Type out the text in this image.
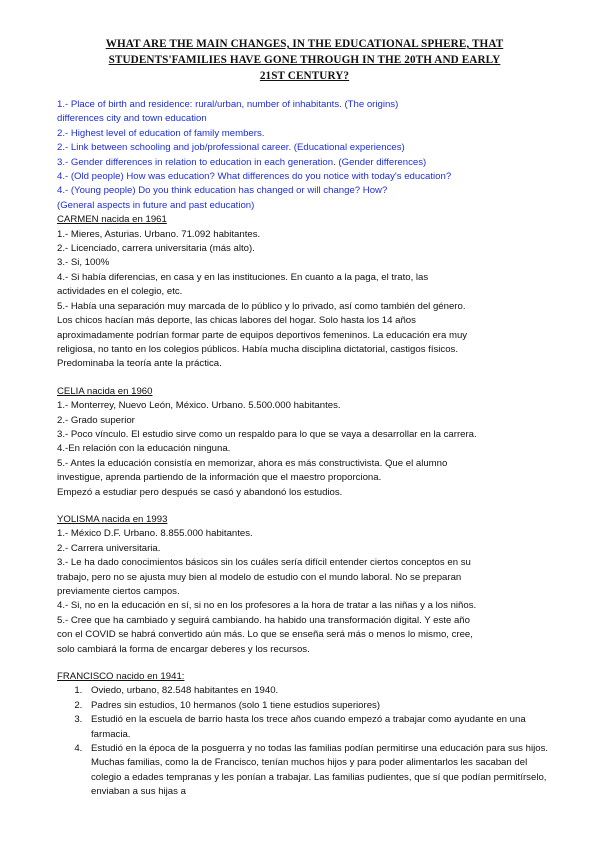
WHAT ARE THE MAIN CHANGES, IN THE EDUCATIONAL SPHERE, THAT
STUDENTS'FAMILIES HAVE GONE THROUGH IN THE 20TH AND EARLY
21ST CENTURY?

1.- Place of birth and residence: rural/urban, number of inhabitants. (The origins)

differences city and town education

2.- Highest level of education of family members.

2.- Link between schooling and job/professional career. (Educational experiences)

3.- Gender differences in relation to education in each generation. (Gender differences)

4.- (Old people) How was education? What differences do you notice with today's education?

4.- (Young people) Do you think education has changed or will change? How?

(General aspects in future and past education)

CARMEN nacida en 1961

1.- Mieres, Asturias. Urbano. 71.092 habitantes.

2.- Licenciado, carrera universitaria (más alto).

3.- Si, 100%

4.- Si había diferencias, en casa y en las instituciones. En cuanto a la paga, el trato, las

actividades en el colegio, etc.

5.- Había una separación muy marcada de lo público y lo privado, así como también del género.

Los chicos hacían más deporte, las chicas labores del hogar. Solo hasta los 14 años

aproximadamente podrían formar parte de equipos deportivos femeninos. La educación era muy

religiosa, no tanto en los colegios públicos. Había mucha disciplina dictatorial, castigos físicos.

Predominaba la teoría ante la práctica.

CELIA nacida en 1960

1.- Monterrey, Nuevo León, México. Urbano. 5.500.000 habitantes.

2.- Grado superior

3.- Poco vínculo. El estudio sirve como un respaldo para lo que se vaya a desarrollar en la carrera.

4.-En relación con la educación ninguna.

5.- Antes la educación consistía en memorizar, ahora es más constructivista. Que el alumno

investigue, aprenda partiendo de la información que el maestro proporciona.

Empezó a estudiar pero después se casó y abandonó los estudios.

YOLISMA nacida en 1993

1.- México D.F. Urbano. 8.855.000 habitantes.

2.- Carrera universitaria.

3.- Le ha dado conocimientos básicos sin los cuáles sería difícil entender ciertos conceptos en su

trabajo, pero no se ajusta muy bien al modelo de estudio con el mundo laboral. No se preparan

previamente ciertos campos.

4.- Si, no en la educación en sí, si no en los profesores a la hora de tratar a las niñas y a los niños.

5.- Cree que ha cambiado y seguirá cambiando. ha habido una transformación digital. Y este año

con el COVID se habrá convertido aún más. Lo que se enseña será más o menos lo mismo, cree,

solo cambiará la forma de encargar deberes y los recursos.

FRANCISCO nacido en 1941:

1. Oviedo, urbano, 82.548 habitantes en 1940.
2. Padres sin estudios, 10 hermanos (solo 1 tiene estudios superiores)
3. Estudió en la escuela de barrio hasta los trece años cuando empezó a trabajar como ayudante en una farmacia.
4. Estudió en la época de la posguerra y no todas las familias podían permitirse una educación para sus hijos. Muchas familias, como la de Francisco, tenían muchos hijos y para poder alimentarlos les sacaban del colegio a edades tempranas y les ponían a trabajar. Las familias pudientes, que sí que podían permitírselo, enviaban a sus hijas a
